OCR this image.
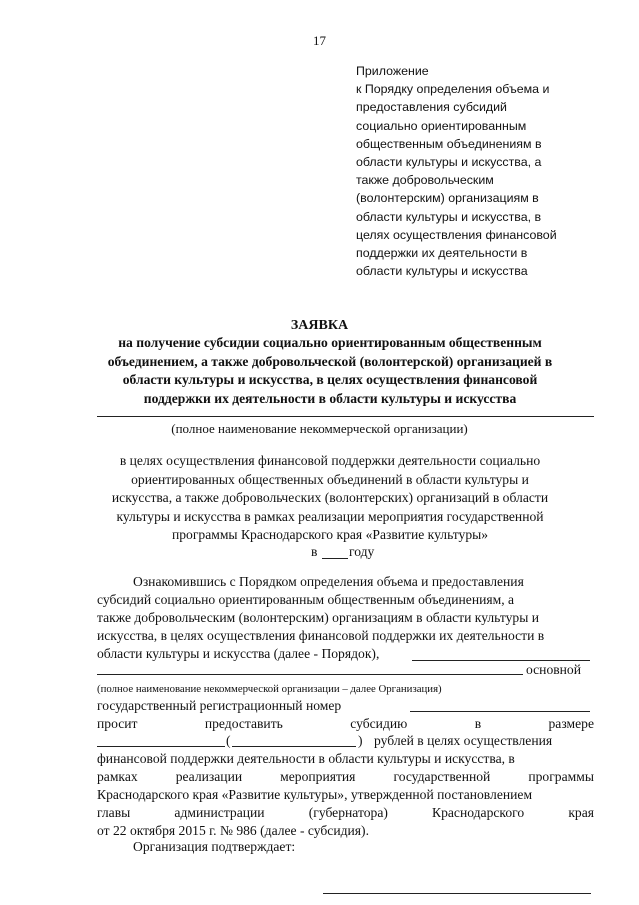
17
Приложение
к Порядку определения объема и
предоставления субсидий
социально ориентированным
общественным объединениям в
области культуры и искусства, а
также добровольческим
(волонтерским) организациям в
области культуры и искусства, в
целях осуществления финансовой
поддержки их деятельности в
области культуры и искусства
ЗАЯВКА
на получение субсидии социально ориентированным общественным
объединением, а также добровольческой (волонтерской) организацией в
области культуры и искусства, в целях осуществления финансовой
поддержки их деятельности в области культуры и искусства
(полное наименование некоммерческой организации)
в целях осуществления финансовой поддержки деятельности социально
ориентированных общественных объединений в области культуры и
искусства, а также добровольческих (волонтерских) организаций в области
культуры и искусства в рамках реализации мероприятия государственной
программы Краснодарского края «Развитие культуры»
в году
Ознакомившись с Порядком определения объема и предоставления
субсидий социально ориентированным общественным объединениям, а
также добровольческим (волонтерским) организациям в области культуры и
искусства, в целях осуществления финансовой поддержки их деятельности в
области культуры и искусства (далее - Порядок),
основной
(полное наименование некоммерческой организации – далее Организация)
государственный регистрационный номер
просит	предоставить	субсидию	в	размере
(	) рублей в целях осуществления
финансовой поддержки деятельности в области культуры и искусства, в
рамках	реализации	мероприятия	государственной	программы
Краснодарского края «Развитие культуры», утвержденной постановлением
главы	администрации	(губернатора)	Краснодарского	края
от 22 октября 2015 г. № 986 (далее - субсидия).
Организация подтверждает:
